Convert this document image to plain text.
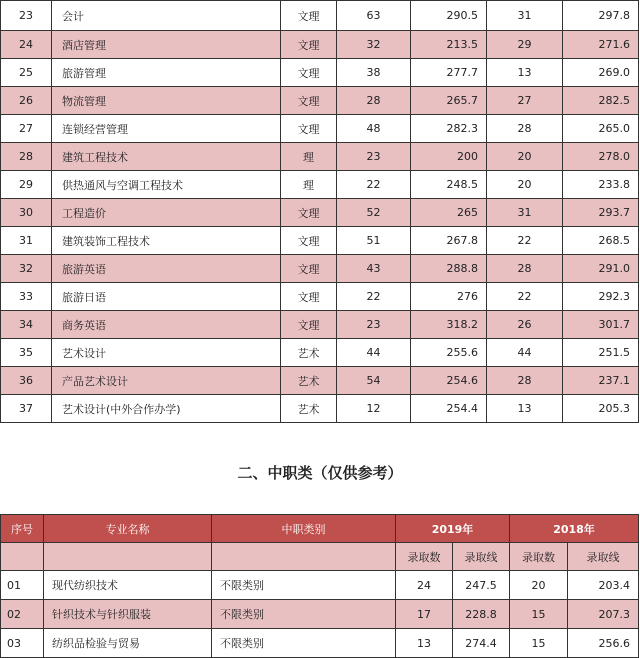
23	会计	文理	63	290.5	31	297.8
24	酒店管理	文理	32	213.5	29	271.6
25	旅游管理	文理	38	277.7	13	269.0
26	物流管理	文理	28	265.7	27	282.5
27	连锁经营管理	文理	48	282.3	28	265.0
28	建筑工程技术	理	23	200	20	278.0
29	供热通风与空调工程技术	理	22	248.5	20	233.8
30	工程造价	文理	52	265	31	293.7
31	建筑装饰工程技术	文理	51	267.8	22	268.5
32	旅游英语	文理	43	288.8	28	291.0
33	旅游日语	文理	22	276	22	292.3
34	商务英语	文理	23	318.2	26	301.7
35	艺术设计	艺术	44	255.6	44	251.5
36	产品艺术设计	艺术	54	254.6	28	237.1
37	艺术设计(中外合作办学)	艺术	12	254.4	13	205.3
二、中职类（仅供参考）
序号	专业名称	中职类别	2019年		2018年	
			录取数	录取线	录取数	录取线
01	现代纺织技术	不限类别	24	247.5	20	203.4
02	针织技术与针织服装	不限类别	17	228.8	15	207.3
03	纺织品检验与贸易	不限类别	13	274.4	15	256.6
